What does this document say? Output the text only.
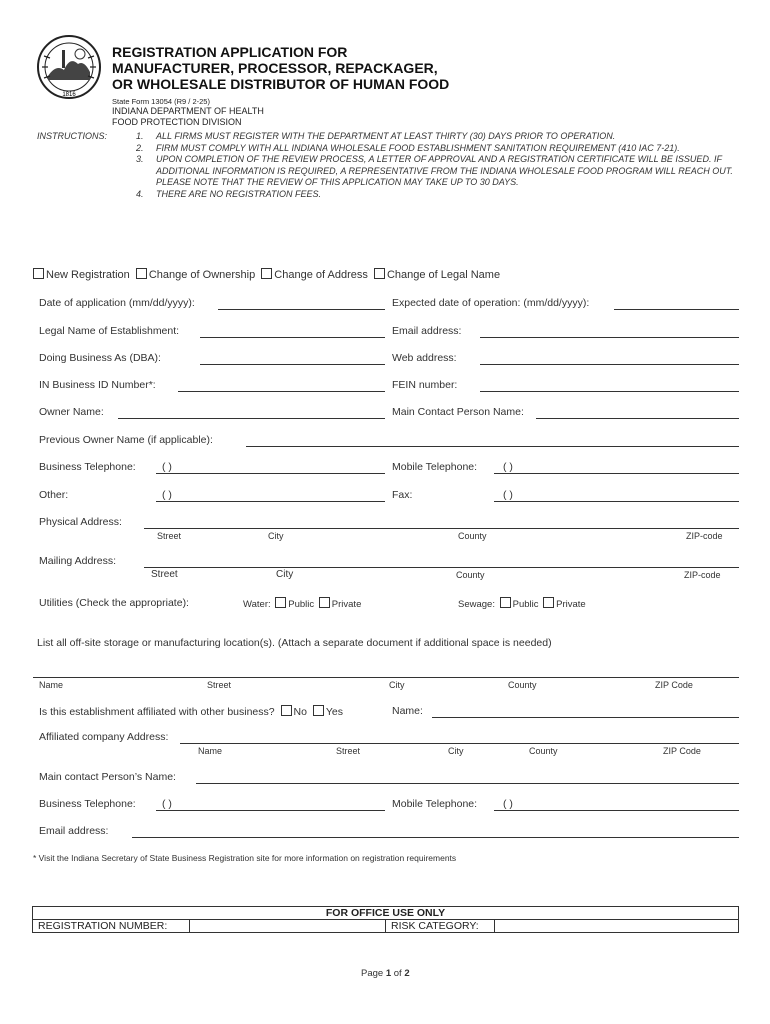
1816
REGISTRATION APPLICATION FOR
MANUFACTURER, PROCESSOR, REPACKAGER,
OR WHOLESALE DISTRIBUTOR OF HUMAN FOOD
State Form 13054 (R9 / 2-25)
INDIANA DEPARTMENT OF HEALTH
FOOD PROTECTION DIVISION
INSTRUCTIONS:	1.	ALL FIRMS MUST REGISTER WITH THE DEPARTMENT AT LEAST THIRTY (30) DAYS PRIOR TO OPERATION.
2.	FIRM MUST COMPLY WITH ALL INDIANA WHOLESALE FOOD ESTABLISHMENT SANITATION REQUIREMENT (410 IAC 7-21).
3.	UPON COMPLETION OF THE REVIEW PROCESS, A LETTER OF APPROVAL AND A REGISTRATION CERTIFICATE WILL BE ISSUED. IF ADDITIONAL INFORMATION IS REQUIRED, A REPRESENTATIVE FROM THE INDIANA WHOLESALE FOOD PROGRAM WILL REACH OUT. PLEASE NOTE THAT THE REVIEW OF THIS APPLICATION MAY TAKE UP TO 30 DAYS.
4.	THERE ARE NO REGISTRATION FEES.
New Registration Change of Ownership Change of Address Change of Legal Name
Date of application (mm/dd/yyyy):	Expected date of operation: (mm/dd/yyyy):
Legal Name of Establishment:	Email address:
Doing Business As (DBA):	Web address:
IN Business ID Number*:	FEIN number:
Owner Name:	Main Contact Person Name:
Previous Owner Name (if applicable):
Business Telephone:	( )	Mobile Telephone: ( )
Other:	( )	Fax:	( )
Physical Address:
Street	City	County	ZIP-code
Mailing Address:
Street	City	County	ZIP-code
Utilities (Check the appropriate):	Water: Public Private	Sewage: Public Private
List all off-site storage or manufacturing location(s). (Attach a separate document if additional space is needed)
Name	Street	City	County	ZIP Code
Is this establishment affiliated with other business? No Yes	Name:
Affiliated company Address:
Name	Street	City	County	ZIP Code
Main contact Person’s Name:
Business Telephone:	( )	Mobile Telephone: ( )
Email address:
* Visit the Indiana Secretary of State Business Registration site for more information on registration requirements
FOR OFFICE USE ONLY
REGISTRATION NUMBER:		RISK CATEGORY:	
Page 1 of 2
